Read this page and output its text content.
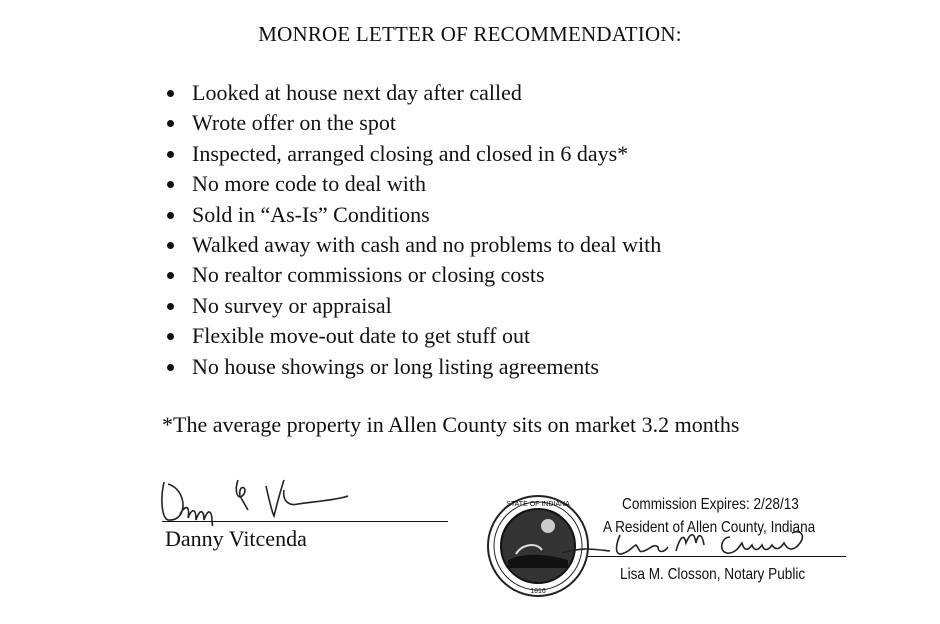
MONROE LETTER OF RECOMMENDATION:
Looked at house next day after called
Wrote offer on the spot
Inspected, arranged closing and closed in 6 days*
No more code to deal with
Sold in “As-Is” Conditions
Walked away with cash and no problems to deal with
No realtor commissions or closing costs
No survey or appraisal
Flexible move-out date to get stuff out
No house showings or long listing agreements
*The average property in Allen County sits on market 3.2 months
Danny Vitcenda
1816
STATE OF INDIANA	Commission Expires: 2/28/13
A Resident of Allen County, Indiana
Lisa M. Closson, Notary Public
